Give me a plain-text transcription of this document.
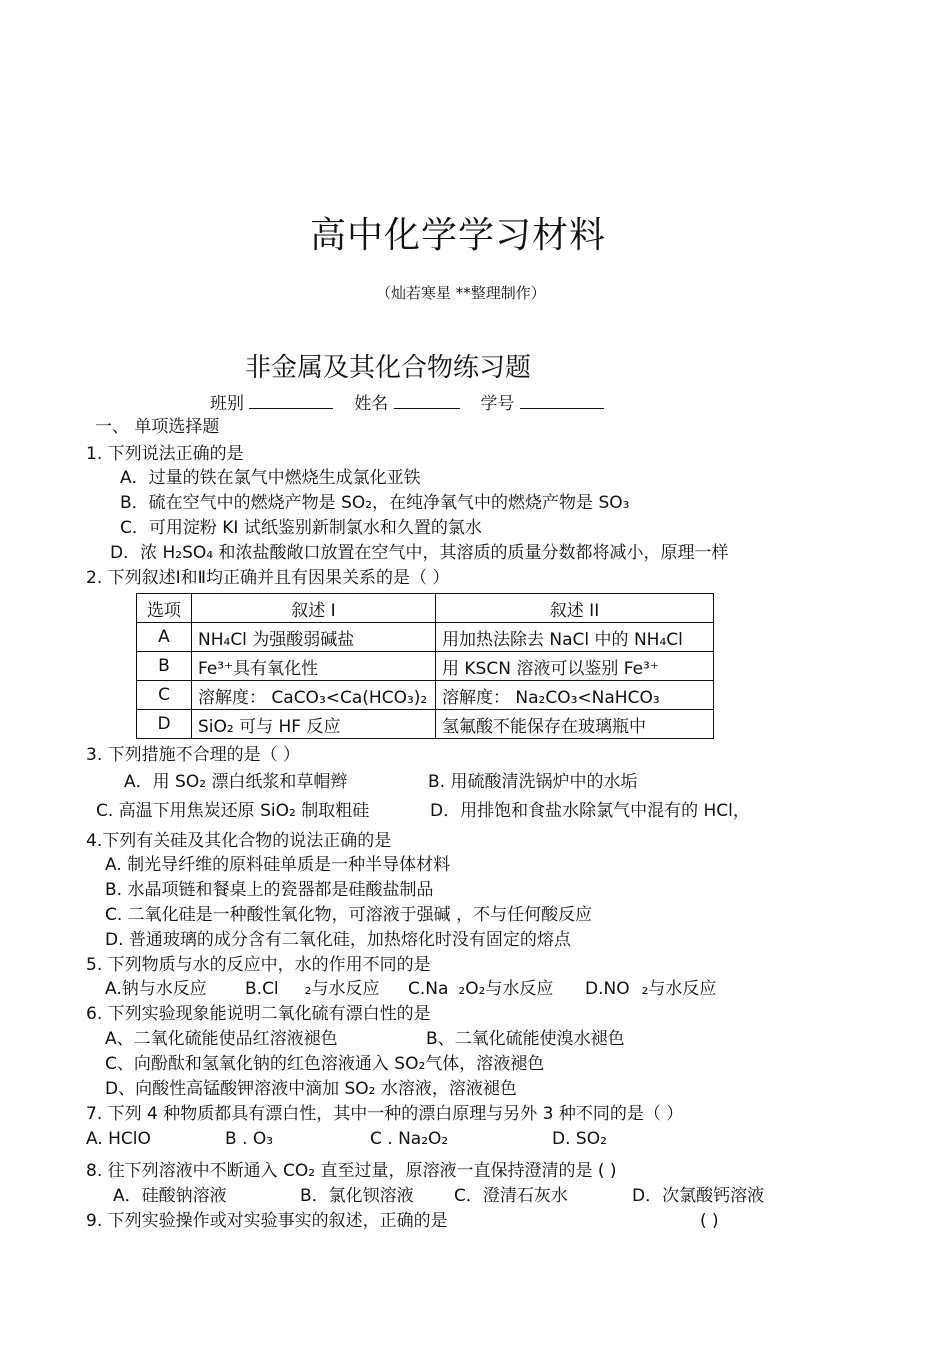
高中化学学习材料
（灿若寒星 **整理制作）
非金属及其化合物练习题
班别	姓名	学号
一、 单项选择题
1. 下列说法正确的是
A．过量的铁在氯气中燃烧生成氯化亚铁
B．硫在空气中的燃烧产物是 SO₂，在纯净氧气中的燃烧产物是 SO₃
C．可用淀粉 KI 试纸鉴别新制氯水和久置的氯水
D．浓 H₂SO₄ 和浓盐酸敞口放置在空气中，其溶质的质量分数都将减小，原理一样
2. 下列叙述Ⅰ和Ⅱ均正确并且有因果关系的是（ ）
选项	叙述 I	叙述 II
A	NH₄Cl 为强酸弱碱盐	用加热法除去 NaCl 中的 NH₄Cl
B	Fe³⁺具有氧化性	用 KSCN 溶液可以鉴别 Fe³⁺
C	溶解度： CaCO₃<Ca(HCO₃)₂	溶解度： Na₂CO₃<NaHCO₃
D	SiO₂ 可与 HF 反应	氢氟酸不能保存在玻璃瓶中
3. 下列措施不合理的是（ ）
A．用 SO₂ 漂白纸浆和草帽辫	B. 用硫酸清洗锅炉中的水垢
C. 高温下用焦炭还原 SiO₂ 制取粗硅	D．用排饱和食盐水除氯气中混有的 HCl，
4.下列有关硅及其化合物的说法正确的是
A. 制光导纤维的原料硅单质是一种半导体材料
B. 水晶项链和餐桌上的瓷器都是硅酸盐制品
C. 二氧化硅是一种酸性氧化物，可溶液于强碱 ，不与任何酸反应
D. 普通玻璃的成分含有二氧化硅，加热熔化时没有固定的熔点
5. 下列物质与水的反应中，水的作用不同的是
A.钠与水反应 B.Cl ₂与水反应 C.Na ₂O₂与水反应 D.NO ₂与水反应
6. 下列实验现象能说明二氧化硫有漂白性的是
A、二氧化硫能使品红溶液褪色	B、二氧化硫能使溴水褪色
C、向酚酞和氢氧化钠的红色溶液通入 SO₂气体，溶液褪色
D、向酸性高锰酸钾溶液中滴加 SO₂ 水溶液，溶液褪色
7. 下列 4 种物质都具有漂白性，其中一种的漂白原理与另外 3 种不同的是（ ）
A. HClO	B . O₃	C . Na₂O₂	D. SO₂
8. 往下列溶液中不断通入 CO₂ 直至过量，原溶液一直保持澄清的是 ( )
A．硅酸钠溶液	B．氯化钡溶液 C．澄清石灰水	D．次氯酸钙溶液
9. 下列实验操作或对实验事实的叙述，正确的是	( )
